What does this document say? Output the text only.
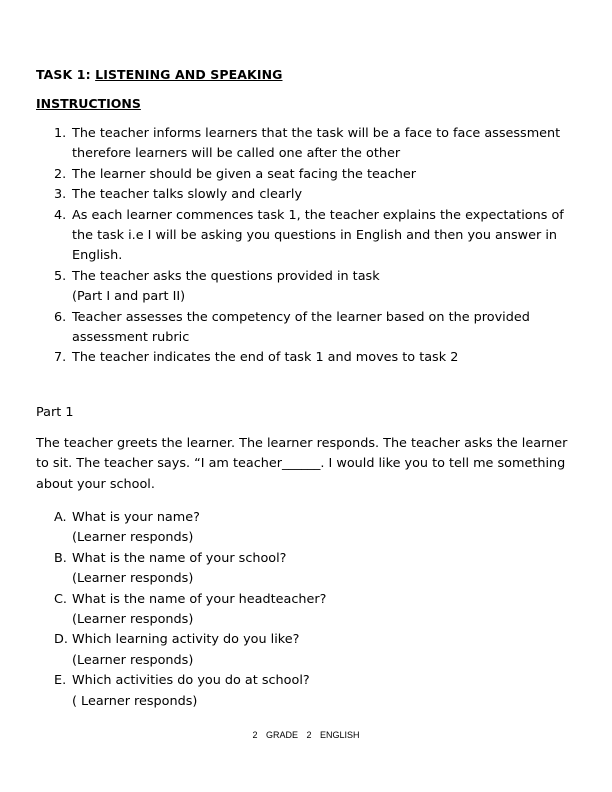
TASK 1: LISTENING AND SPEAKING
INSTRUCTIONS
1. The teacher informs learners that the task will be a face to face assessment therefore learners will be called one after the other
2. The learner should be given a seat facing the teacher
3. The teacher talks slowly and clearly
4. As each learner commences task 1, the teacher explains the expectations of the task i.e I will be asking you questions in English and then you answer in English.
5. The teacher asks the questions provided in task
(Part I and part II)
6. Teacher assesses the competency of the learner based on the provided assessment rubric
7. The teacher indicates the end of task 1 and moves to task 2
Part 1

The teacher greets the learner. The learner responds. The teacher asks the learner to sit. The teacher says. “I am teacher______. I would like you to tell me something about your school.

A. What is your name?
(Learner responds)
B. What is the name of your school?
(Learner responds)
C. What is the name of your headteacher?
(Learner responds)
D. Which learning activity do you like?
(Learner responds)
E. Which activities do you do at school?
( Learner responds)
2 GRADE 2 ENGLISH
